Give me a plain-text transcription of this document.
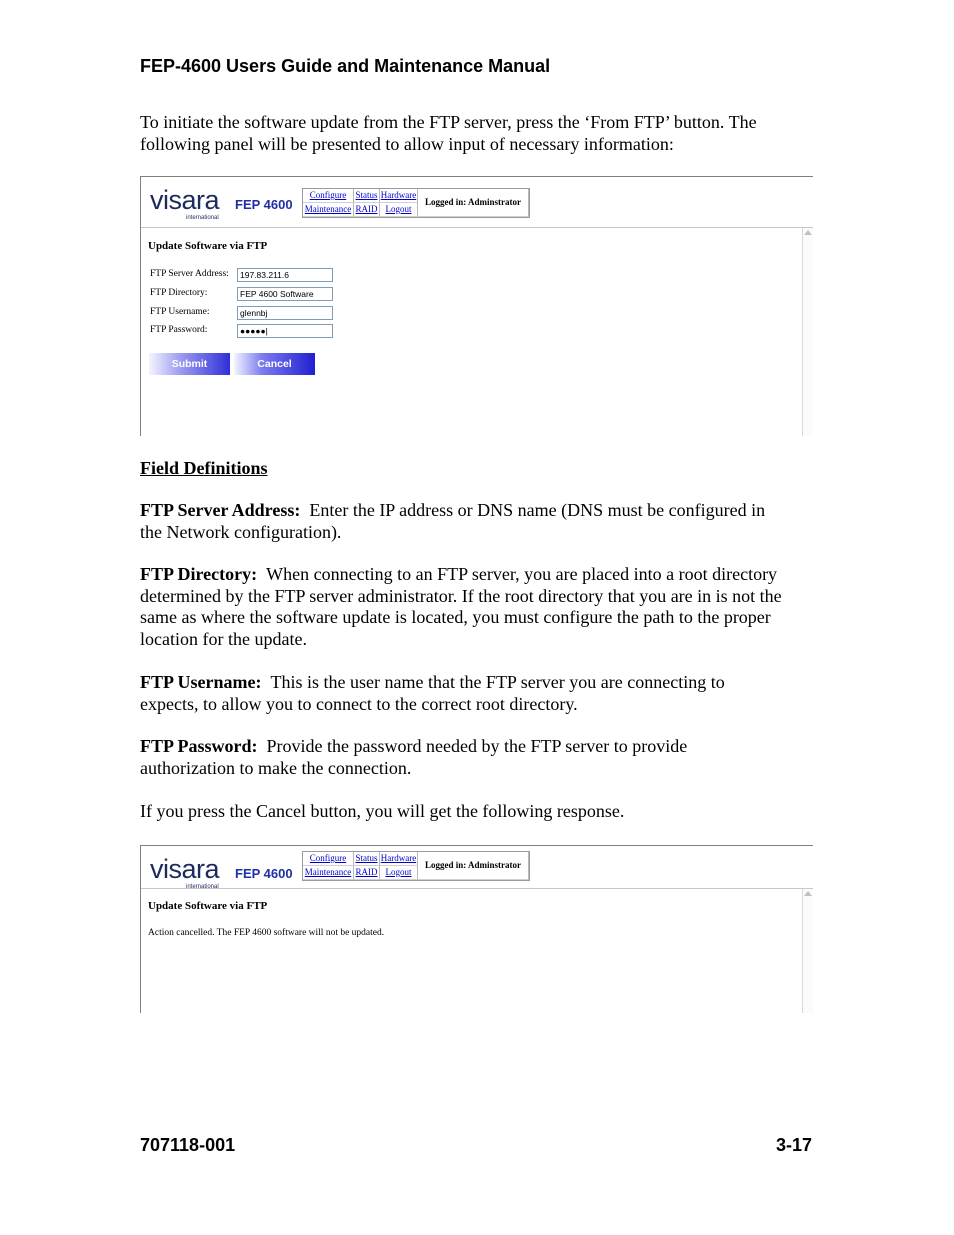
FEP-4600 Users Guide and Maintenance Manual

To initiate the software update from the FTP server, press the ‘From FTP’ button. The
following panel will be presented to allow input of necessary information:

visara
international
FEP 4600
Configure	Status Hardware
Maintenance RAID Logout
Logged in: Adminstrator
Update Software via FTP
FTP Server Address:	197.83.211.6
FTP Directory:	FEP 4600 Software
FTP Username:	glennbj
FTP Password:	●●●●●|
Submit	Cancel
Field Definitions

FTP Server Address: Enter the IP address or DNS name (DNS must be configured in
the Network configuration).

FTP Directory: When connecting to an FTP server, you are placed into a root directory
determined by the FTP server administrator. If the root directory that you are in is not the
same as where the software update is located, you must configure the path to the proper
location for the update.

FTP Username: This is the user name that the FTP server you are connecting to
expects, to allow you to connect to the correct root directory.

FTP Password: Provide the password needed by the FTP server to provide
authorization to make the connection.

If you press the Cancel button, you will get the following response.

visara
international
FEP 4600
Configure	Status Hardware
Maintenance RAID Logout
Logged in: Adminstrator
Update Software via FTP
Action cancelled. The FEP 4600 software will not be updated.
707118-001	3-17
